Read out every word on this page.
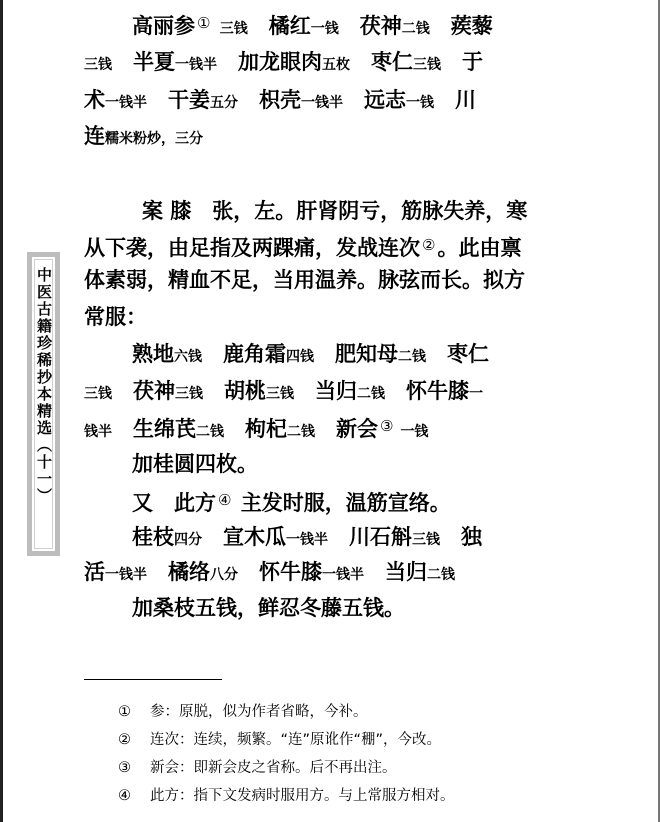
中医古籍珍稀抄本精选（十一）
高丽参 ① 三钱　橘红一钱　茯神二钱　蒺藜
三钱　半夏一钱半　加龙眼肉五枚　枣仁三钱　于
术一钱半　干姜五分　枳壳一钱半　远志一钱　川
连糯米粉炒，三分
案 膝　张，左。肝肾阴亏，筋脉失养，寒
从下袭，由足指及两踝痛，发战连次 ②。此由禀
体素弱，精血不足，当用温养。脉弦而长。拟方
常服：
熟地六钱　鹿角霜四钱　肥知母二钱　枣仁
三钱　茯神三钱　胡桃三钱　当归二钱　怀牛膝一
钱半　生绵芪二钱　枸杞二钱　新会 ③ 一钱
加桂圆四枚。
又　此方 ④ 主发时服，温筋宣络。
桂枝四分　宣木瓜一钱半　川石斛三钱　独
活一钱半　橘络八分　怀牛膝一钱半　当归二钱
加桑枝五钱，鲜忍冬藤五钱。
① 参：原脱，似为作者省略，今补。
② 连次：连续，频繁。“连”原讹作“稝”，今改。
③ 新会：即新会皮之省称。后不再出注。
④ 此方：指下文发病时服用方。与上常服方相对。
